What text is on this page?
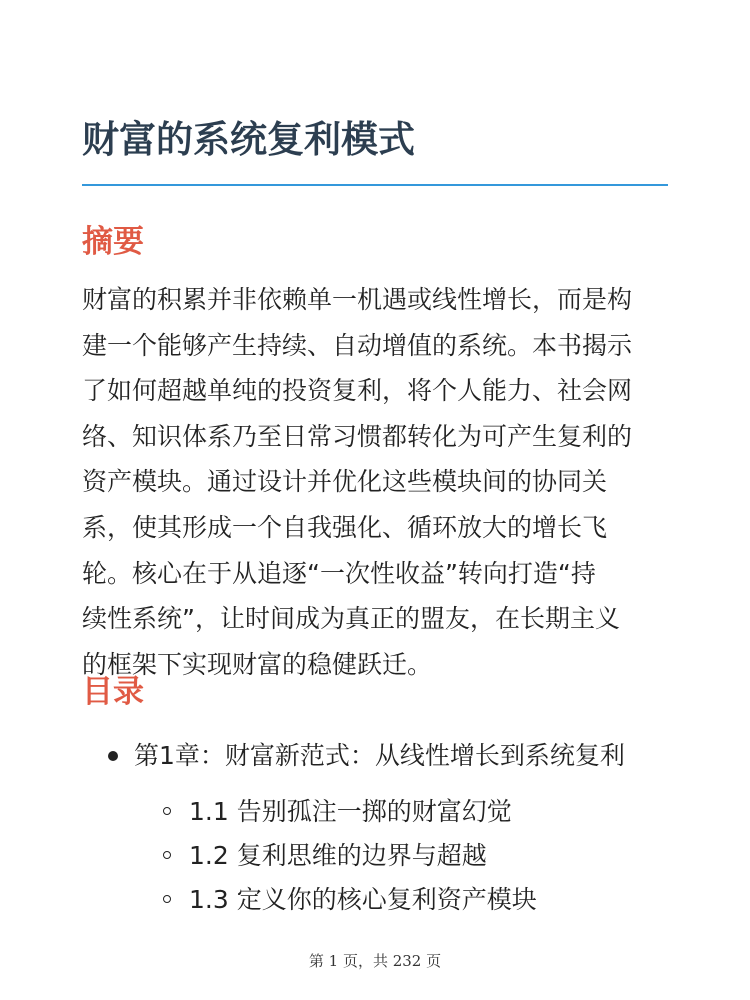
财富的系统复利模式
摘要

财富的积累并非依赖单一机遇或线性增长，而是构
建一个能够产生持续、自动增值的系统。本书揭示
了如何超越单纯的投资复利，将个人能力、社会网
络、知识体系乃至日常习惯都转化为可产生复利的
资产模块。通过设计并优化这些模块间的协同关
系，使其形成一个自我强化、循环放大的增长飞
轮。核心在于从追逐“一次性收益”转向打造“持
续性系统”，让时间成为真正的盟友，在长期主义
的框架下实现财富的稳健跃迁。

目录
第1章：财富新范式：从线性增长到系统复利
1.1 告别孤注一掷的财富幻觉
1.2 复利思维的边界与超越
1.3 定义你的核心复利资产模块
第 1 页，共 232 页
